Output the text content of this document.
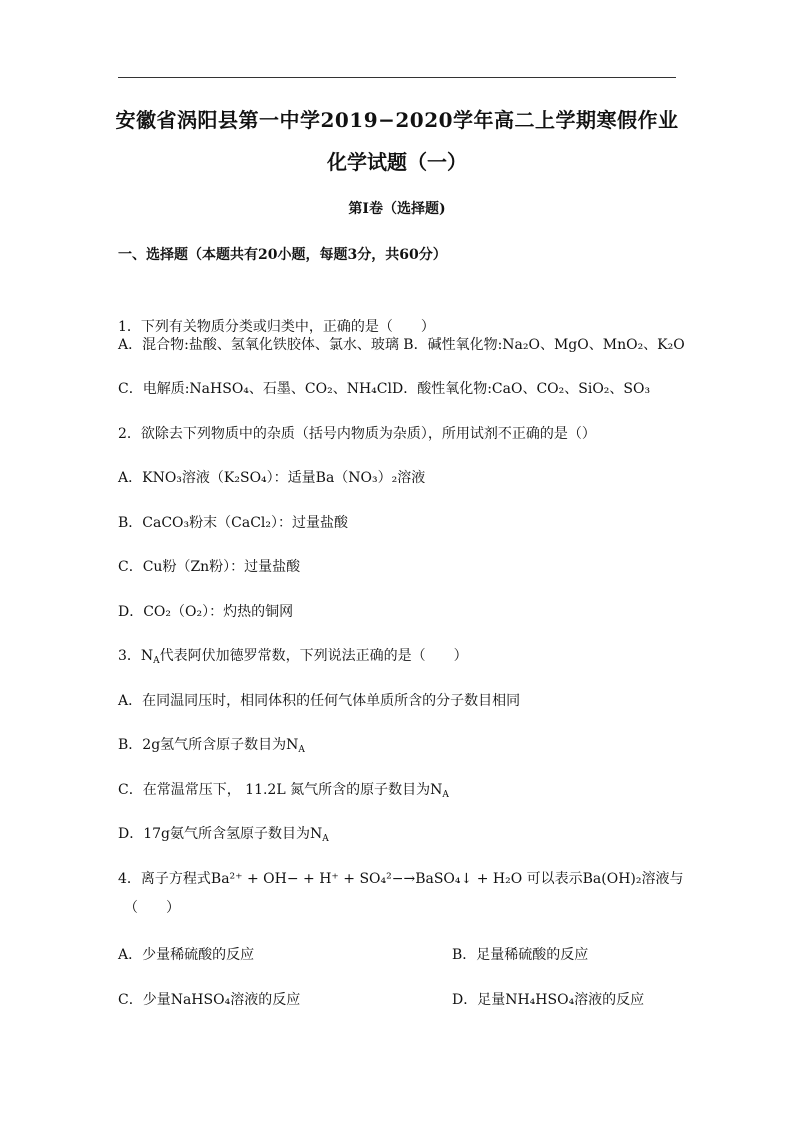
安徽省涡阳县第一中学2019−2020学年高二上学期寒假作业
化学试题（一）
第Ⅰ卷（选择题)
一、选择题（本题共有20小题，每题3分，共60分）
1．下列有关物质分类或归类中，正确的是（　　）
A．混合物:盐酸、氢氧化铁胶体、氯水、玻璃 B．碱性氧化物:Na₂O、MgO、MnO₂、K₂O
C．电解质:NaHSO₄、石墨、CO₂、NH₄ClD．酸性氧化物:CaO、CO₂、SiO₂、SO₃
2．欲除去下列物质中的杂质（括号内物质为杂质），所用试剂不正确的是（）
A．KNO₃溶液（K₂SO₄）：适量Ba（NO₃）₂溶液
B．CaCO₃粉末（CaCl₂）：过量盐酸
C．Cu粉（Zn粉）：过量盐酸
D．CO₂（O₂）：灼热的铜网
3．$N_A$代表阿伏加德罗常数，下列说法正确的是（　　）
A．在同温同压时，相同体积的任何气体单质所含的分子数目相同
B．2g氢气所含原子数目为$N_A$
C．在常温常压下， 11.2L 氮气所含的原子数目为$N_A$
D．17g氨气所含氢原子数目为$N_A$
4．离子方程式Ba²⁺ + OH− + H⁺ + SO₄²−→BaSO₄↓ + H₂O 可以表示Ba(OH)₂溶液与
（　　）
A．少量稀硫酸的反应	B．足量稀硫酸的反应
C．少量NaHSO₄溶液的反应	D．足量NH₄HSO₄溶液的反应
